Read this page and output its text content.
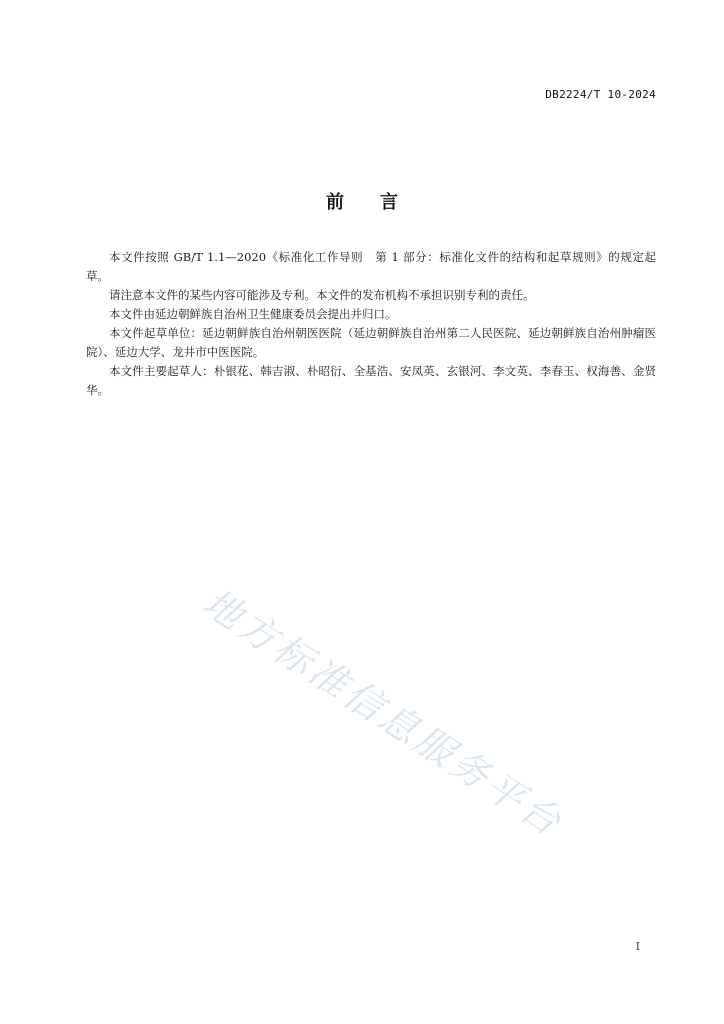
DB2224/T 10-2024
前言

本文件按照 GB/T 1.1—2020《标准化工作导则　第 1 部分：标准化文件的结构和起草规则》的规定起草。

请注意本文件的某些内容可能涉及专利。本文件的发布机构不承担识别专利的责任。

本文件由延边朝鲜族自治州卫生健康委员会提出并归口。

本文件起草单位：延边朝鲜族自治州朝医医院（延边朝鲜族自治州第二人民医院、延边朝鲜族自治州肿瘤医院）、延边大学、龙井市中医医院。

本文件主要起草人：朴银花、韩吉淑、朴昭衍、全基浩、安凤英、玄银河、李文英、李春玉、权海善、金贤华。

地方标准信息服务平台
I
